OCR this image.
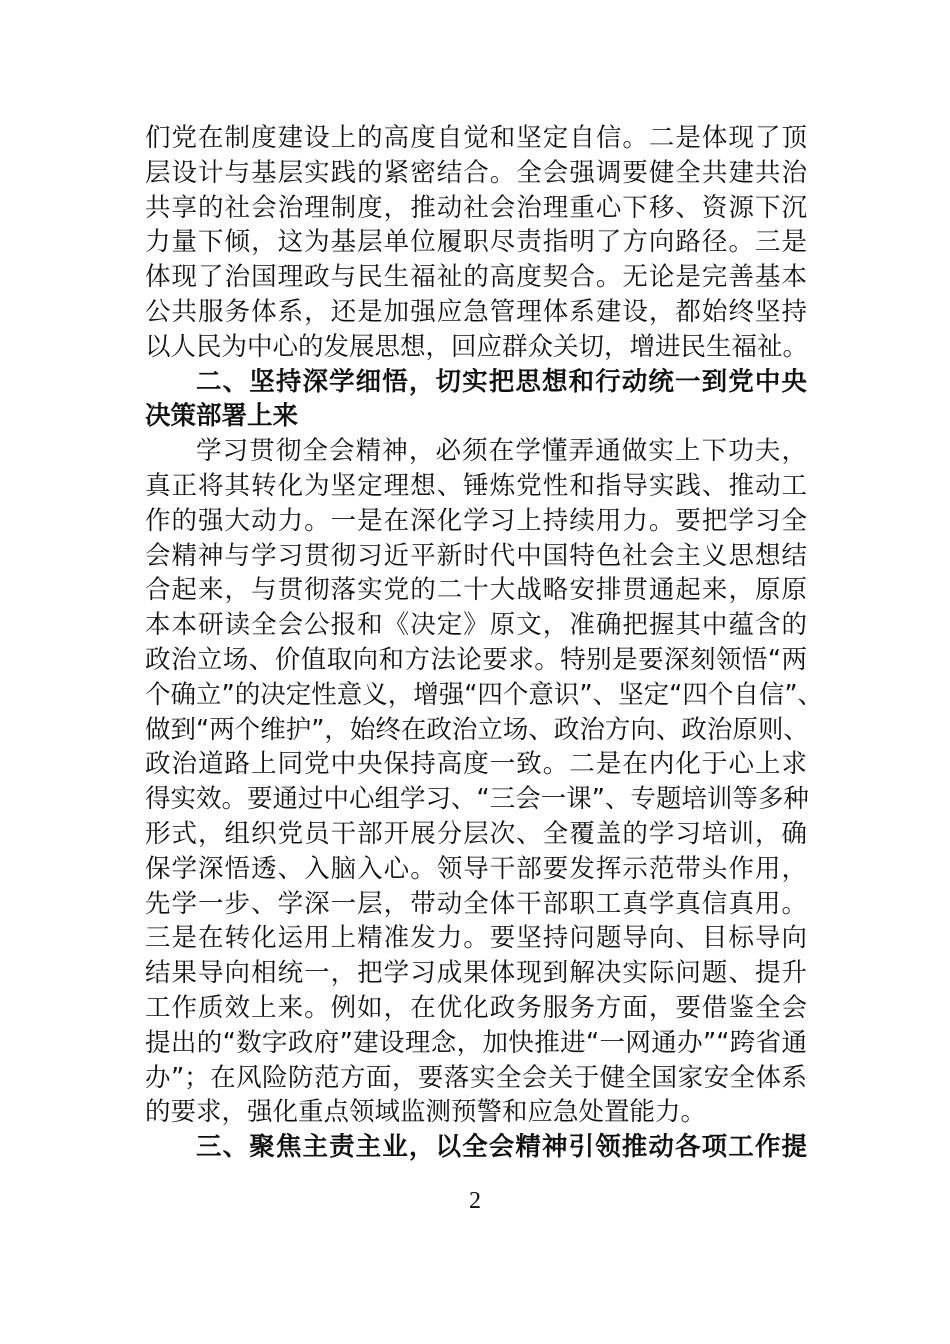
们党在制度建设上的高度自觉和坚定自信。二是体现了顶
层设计与基层实践的紧密结合。全会强调要健全共建共治
共享的社会治理制度，推动社会治理重心下移、资源下沉
力量下倾，这为基层单位履职尽责指明了方向路径。三是
体现了治国理政与民生福祉的高度契合。无论是完善基本
公共服务体系，还是加强应急管理体系建设，都始终坚持
以人民为中心的发展思想，回应群众关切，增进民生福祉。
二、坚持深学细悟，切实把思想和行动统一到党中央
决策部署上来
学习贯彻全会精神，必须在学懂弄通做实上下功夫，
真正将其转化为坚定理想、锤炼党性和指导实践、推动工
作的强大动力。一是在深化学习上持续用力。要把学习全
会精神与学习贯彻习近平新时代中国特色社会主义思想结
合起来，与贯彻落实党的二十大战略安排贯通起来，原原
本本研读全会公报和《决定》原文，准确把握其中蕴含的
政治立场、价值取向和方法论要求。特别是要深刻领悟“两
个确立”的决定性意义，增强“四个意识”、坚定“四个自信”、
做到“两个维护”，始终在政治立场、政治方向、政治原则、
政治道路上同党中央保持高度一致。二是在内化于心上求
得实效。要通过中心组学习、“三会一课”、专题培训等多种
形式，组织党员干部开展分层次、全覆盖的学习培训，确
保学深悟透、入脑入心。领导干部要发挥示范带头作用，
先学一步、学深一层，带动全体干部职工真学真信真用。
三是在转化运用上精准发力。要坚持问题导向、目标导向
结果导向相统一，把学习成果体现到解决实际问题、提升
工作质效上来。例如，在优化政务服务方面，要借鉴全会
提出的“数字政府”建设理念，加快推进“一网通办”“跨省通
办”；在风险防范方面，要落实全会关于健全国家安全体系
的要求，强化重点领域监测预警和应急处置能力。
三、聚焦主责主业，以全会精神引领推动各项工作提
2
